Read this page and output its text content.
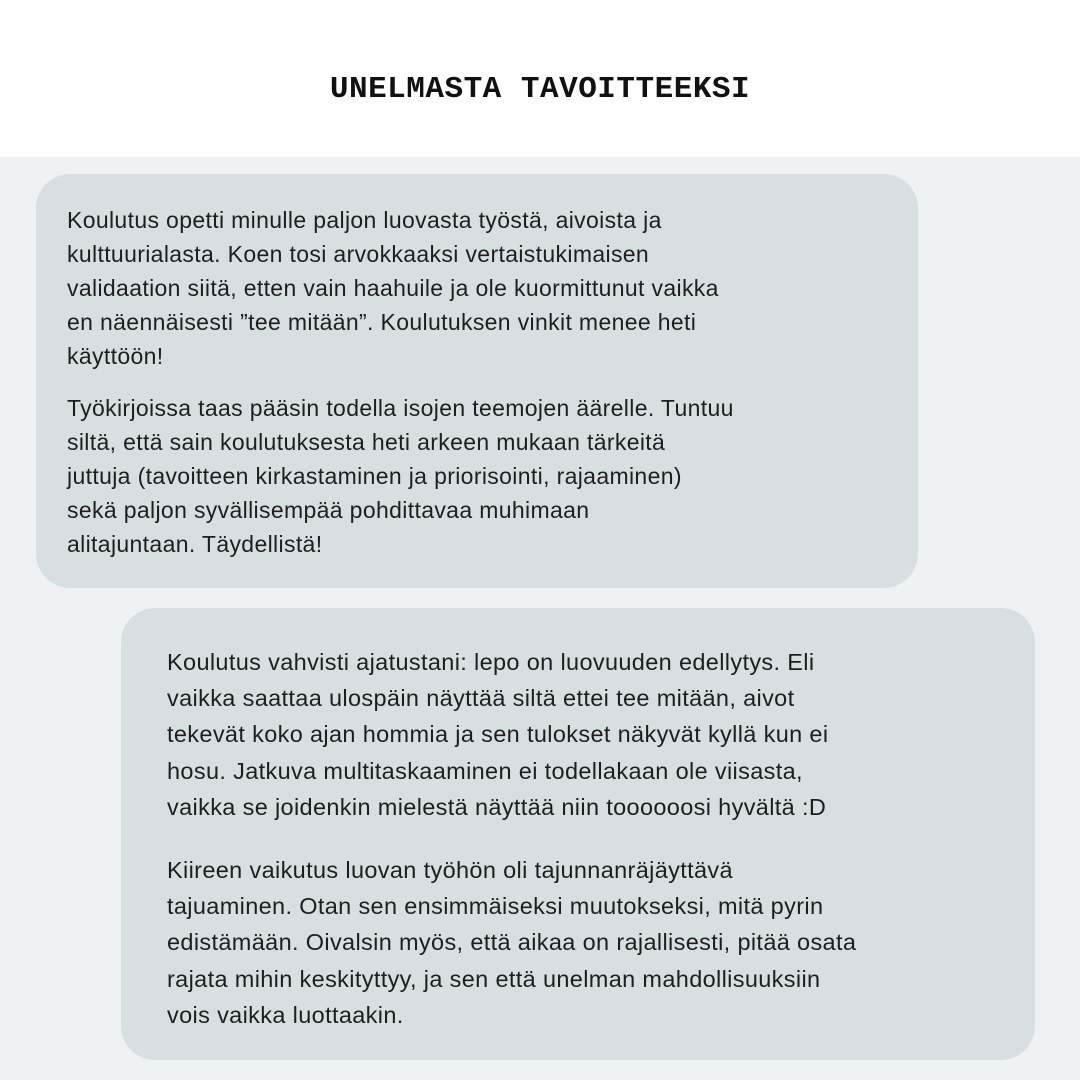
UNELMASTA TAVOITTEEKSI
Koulutus opetti minulle paljon luovasta työstä, aivoista ja
kulttuurialasta. Koen tosi arvokkaaksi vertaistukimaisen
validaation siitä, etten vain haahuile ja ole kuormittunut vaikka
en näennäisesti ”tee mitään”. Koulutuksen vinkit menee heti
käyttöön!
Työkirjoissa taas pääsin todella isojen teemojen äärelle. Tuntuu
siltä, että sain koulutuksesta heti arkeen mukaan tärkeitä
juttuja (tavoitteen kirkastaminen ja priorisointi, rajaaminen)
sekä paljon syvällisempää pohdittavaa muhimaan
alitajuntaan. Täydellistä!
Koulutus vahvisti ajatustani: lepo on luovuuden edellytys. Eli
vaikka saattaa ulospäin näyttää siltä ettei tee mitään, aivot
tekevät koko ajan hommia ja sen tulokset näkyvät kyllä kun ei
hosu. Jatkuva multitaskaaminen ei todellakaan ole viisasta,
vaikka se joidenkin mielestä näyttää niin toooooosi hyvältä :D
Kiireen vaikutus luovan työhön oli tajunnanräjäyttävä
tajuaminen. Otan sen ensimmäiseksi muutokseksi, mitä pyrin
edistämään. Oivalsin myös, että aikaa on rajallisesti, pitää osata
rajata mihin keskityttyy, ja sen että unelman mahdollisuuksiin
vois vaikka luottaakin.
